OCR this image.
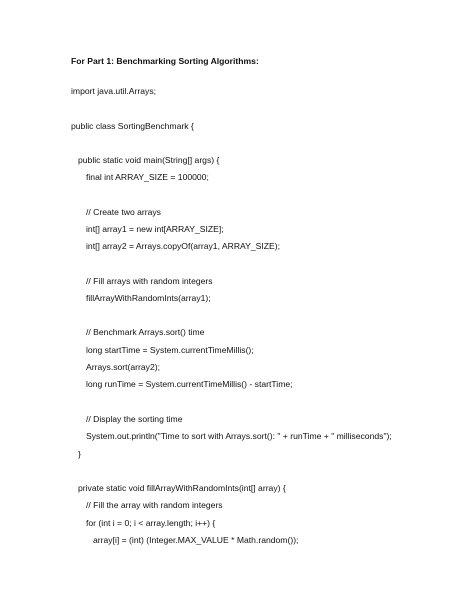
For Part 1: Benchmarking Sorting Algorithms:
import java.util.Arrays;
public class SortingBenchmark {
public static void main(String[] args) {
final int ARRAY_SIZE = 100000;
// Create two arrays
int[] array1 = new int[ARRAY_SIZE];
int[] array2 = Arrays.copyOf(array1, ARRAY_SIZE);
// Fill arrays with random integers
fillArrayWithRandomInts(array1);
// Benchmark Arrays.sort() time
long startTime = System.currentTimeMillis();
Arrays.sort(array2);
long runTime = System.currentTimeMillis() - startTime;
// Display the sorting time
System.out.println("Time to sort with Arrays.sort(): " + runTime + " milliseconds");
}
private static void fillArrayWithRandomInts(int[] array) {
// Fill the array with random integers
for (int i = 0; i < array.length; i++) {
array[i] = (int) (Integer.MAX_VALUE * Math.random());
